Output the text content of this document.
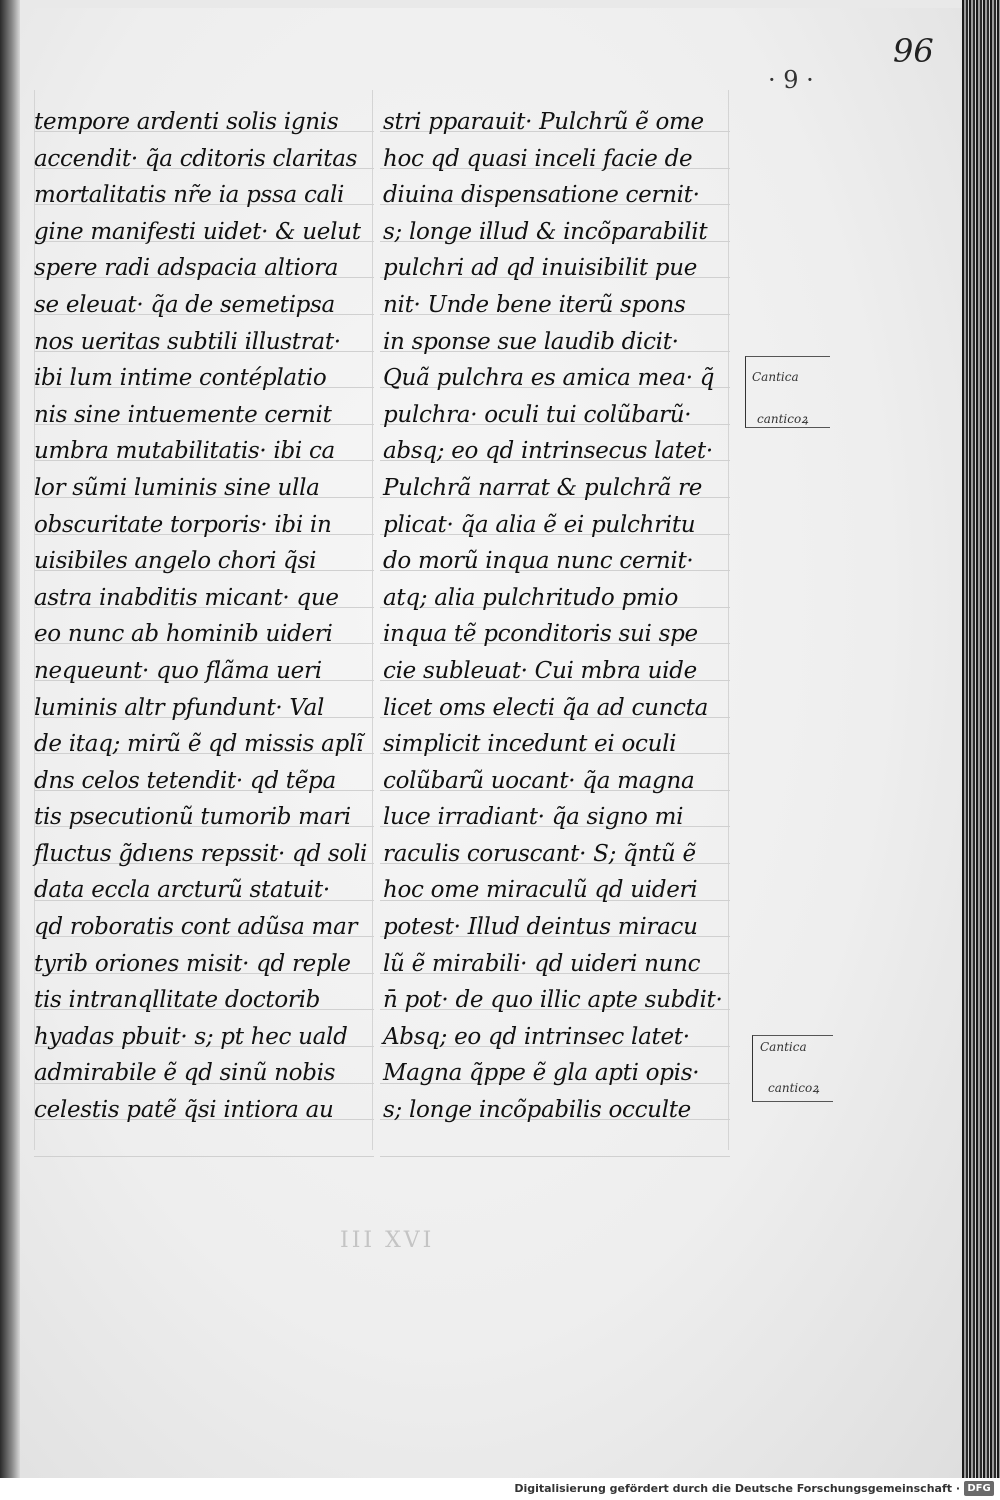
96
· 9 ·
tempore ardenti solis ignis
accendit· q̃a cditoris claritas
mortalitatis nr̃e ia pssa cali
gine manifesti uidet· & uelut
spere radi adspacia altiora
se eleuat· q̃a de semetipsa
nos ueritas subtili illustrat·
ibi lum intime contéplatio
nis sine intuemente cernit
umbra mutabilitatis· ibi ca
lor sũmi luminis sine ulla
obscuritate torporis· ibi in
uisibiles angelo chori q̃si
astra inabditis micant· que
eo nunc ab hominib uideri
nequeunt· quo flãma ueri
luminis altr pfundunt· Val
de itaq; mirũ ẽ qd missis aplĩ
dns celos tetendit· qd tẽpa
tis psecutionũ tumorib mari
fluctus g̃dıens repssit· qd soli
data eccla arcturũ statuit·
qd roboratis cont adũsa mar
tyrib oriones misit· qd reple
tis intranqllitate doctorib
hyadas pbuit· s; pt hec uald
admirabile ẽ qd sinũ nobis
celestis patẽ q̃si intiora au
stri pparauit· Pulchrũ ẽ ome
hoc qd quasi inceli facie de
diuina dispensatione cernit·
s; longe illud & incõparabilit
pulchri ad qd inuisibilit pue
nit· Unde bene iterũ spons
in sponse sue laudib dicit·
Quã pulchra es amica mea· q̃
pulchra· oculi tui colũbarũ·
absq; eo qd intrinsecus latet·
Pulchrã narrat & pulchrã re
plicat· q̃a alia ẽ ei pulchritu
do morũ inqua nunc cernit·
atq; alia pulchritudo pmio
inqua tẽ pconditoris sui spe
cie subleuat· Cui mbra uide
licet oms electi q̃a ad cuncta
simplicit incedunt ei oculi
colũbarũ uocant· q̃a magna
luce irradiant· q̃a signo mi
raculis coruscant· S; q̃ntũ ẽ
hoc ome miraculũ qd uideri
potest· Illud deintus miracu
lũ ẽ mirabili· qd uideri nunc
n̄ pot· de quo illic apte subdit·
Absq; eo qd intrinsec latet·
Magna q̃ppe ẽ gla apti opis·
s; longe incõpabilis occulte
Cantica
canticoꝝ
Cantica
canticoꝝ
III XVI
Digitalisierung gefördert durch die Deutsche Forschungsgemeinschaft · DFG
